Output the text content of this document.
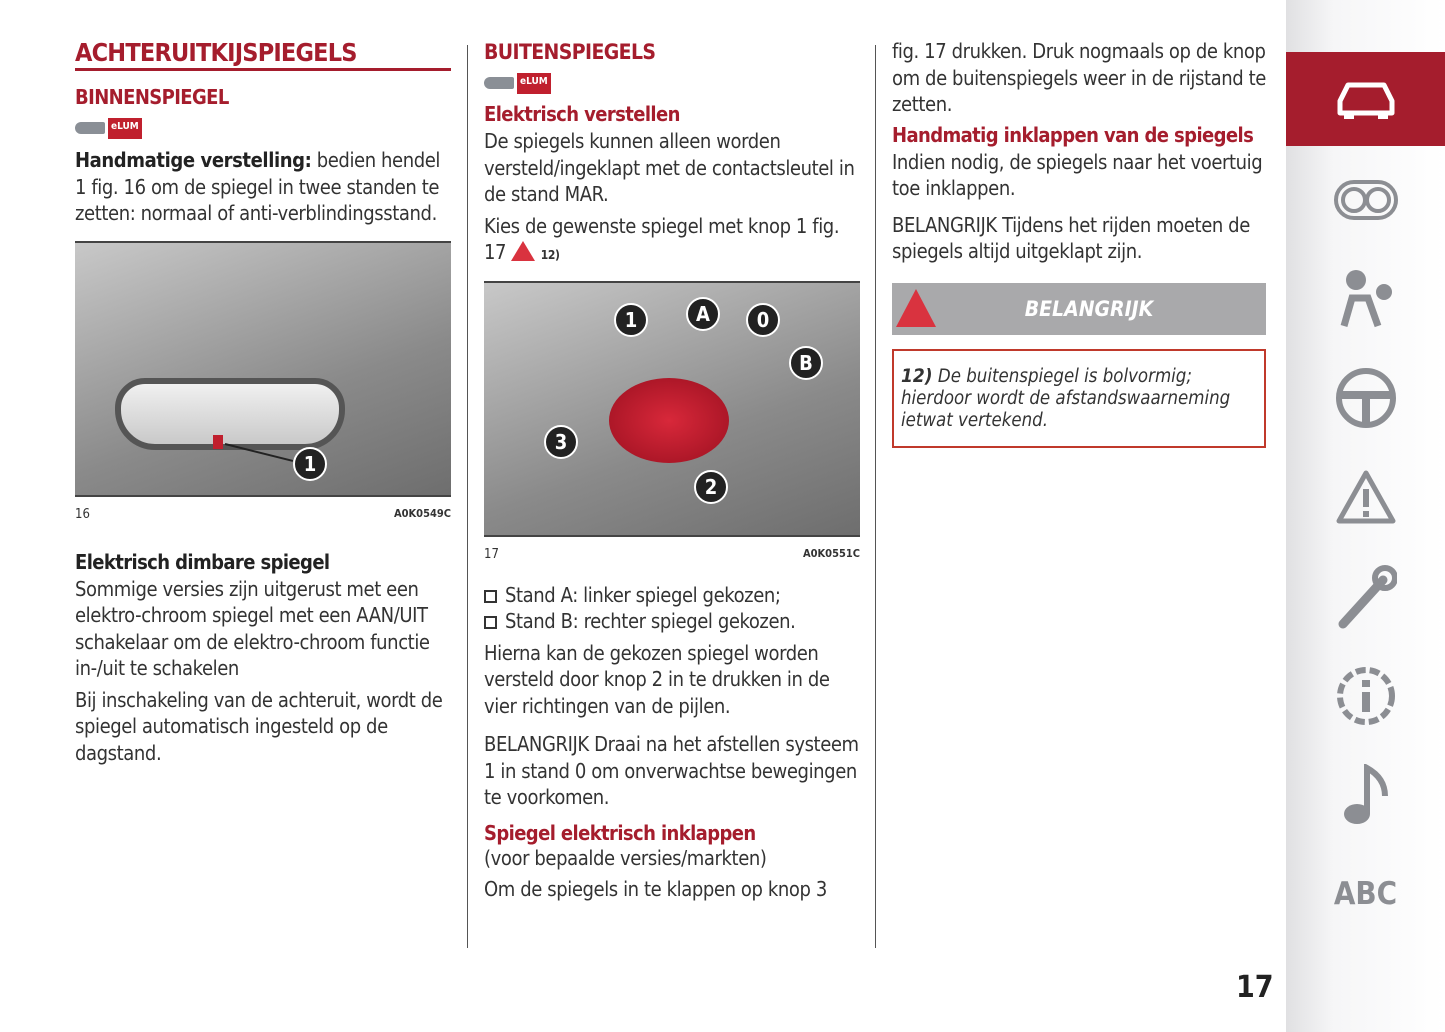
ACHTERUITKIJSPIEGELS
BINNENSPIEGEL
eLUM

Handmatige verstelling: bedien hendel 1 fig. 16 om de spiegel in twee standen te zetten: normaal of anti-verblindingsstand.

1
16	A0K0549C
Elektrisch dimbare spiegel

Sommige versies zijn uitgerust met een elektro-chroom spiegel met een AAN/UIT schakelaar om de elektro-chroom functie in-/uit te schakelen

Bij inschakeling van de achteruit, wordt de spiegel automatisch ingesteld op de dagstand.

BUITENSPIEGELS
eLUM
Elektrisch verstellen

De spiegels kunnen alleen worden versteld/ingeklapt met de contactsleutel in de stand MAR.

Kies de gewenste spiegel met knop 1 fig. 17	12)

1	A	0
B
3
2
17	A0K0551C

Stand A: linker spiegel gekozen;

Stand B: rechter spiegel gekozen.

Hierna kan de gekozen spiegel worden versteld door knop 2 in te drukken in de vier richtingen van de pijlen.

BELANGRIJK Draai na het afstellen systeem 1 in stand 0 om onverwachtse bewegingen te voorkomen.

Spiegel elektrisch inklappen

(voor bepaalde versies/markten)

Om de spiegels in te klappen op knop 3

fig. 17 drukken. Druk nogmaals op de knop om de buitenspiegels weer in de rijstand te zetten.

Handmatig inklappen van de spiegels

Indien nodig, de spiegels naar het voertuig toe inklappen.

BELANGRIJK Tijdens het rijden moeten de spiegels altijd uitgeklapt zijn.

BELANGRIJK
12) De buitenspiegel is bolvormig; hierdoor wordt de afstandswaarneming ietwat vertekend.
ABC
17
